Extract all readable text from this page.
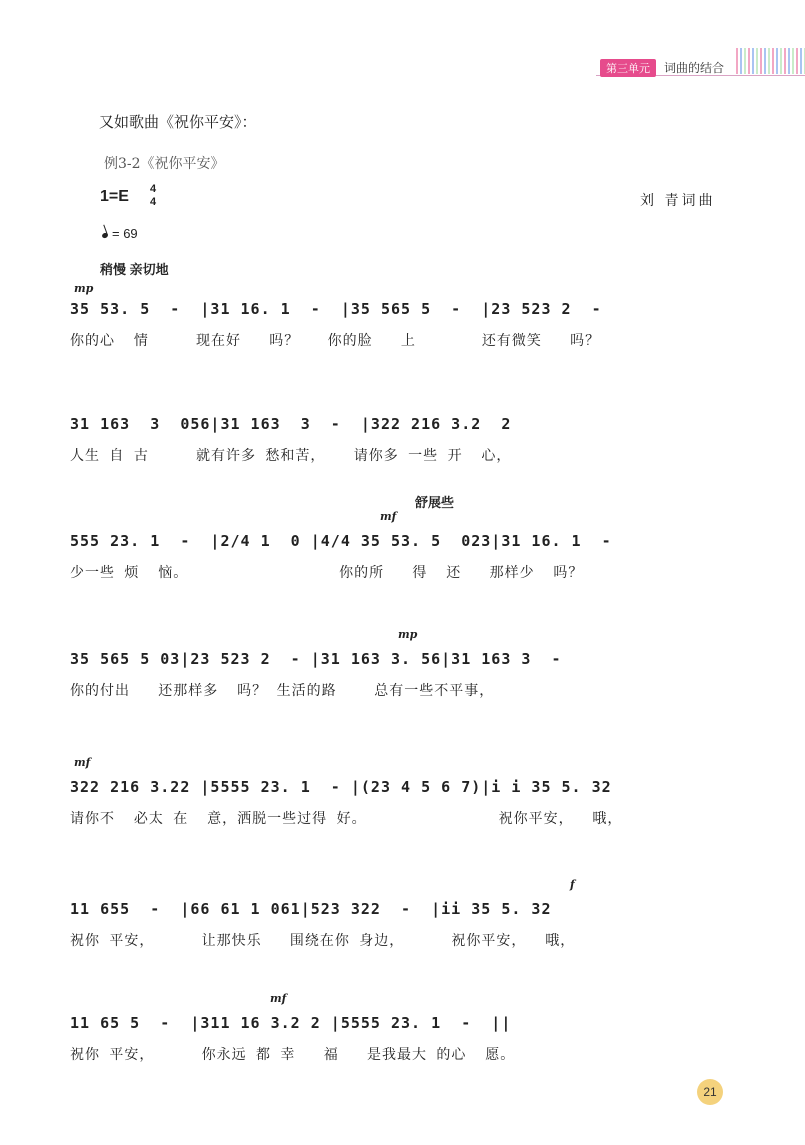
第三单元	词曲的结合
又如歌曲《祝你平安》：
例3-2《祝你平安》
1=E 4
4	刘 青词曲
= 69
稍慢 亲切地
舒展些
mp
35 53. 5  -  |31 16. 1  -  |35 565 5  -  |23 523 2  -
你的心  情     现在好   吗？   你的脸   上       还有微笑   吗？
31 163  3  056|31 163  3  -  |322 216 3.2  2
人生 自 古     就有许多 愁和苦，   请你多 一些 开  心，
mf
555 23. 1  -  |2/4 1  0 |4/4 35 53. 5  023|31 16. 1  -
少一些 烦  恼。                你的所   得  还   那样少  吗？
mp
35 565 5 03|23 523 2  - |31 163 3. 56|31 163 3  -
你的付出   还那样多  吗？ 生活的路    总有一些不平事，
mf
322 216 3.22 |5555 23. 1  - |(23 4 5 6 7)|i i 35 5. 32
请你不  必太 在  意，洒脱一些过得 好。              祝你平安，  哦，
f
11 655  -  |66 61 1 061|523 322  -  |ii 35 5. 32
祝你 平安，     让那快乐   围绕在你 身边，     祝你平安，  哦，
mf
11 65 5  -  |311 16 3.2 2 |5555 23. 1  -  ||
祝你 平安，     你永远 都 幸   福   是我最大 的心  愿。
21
